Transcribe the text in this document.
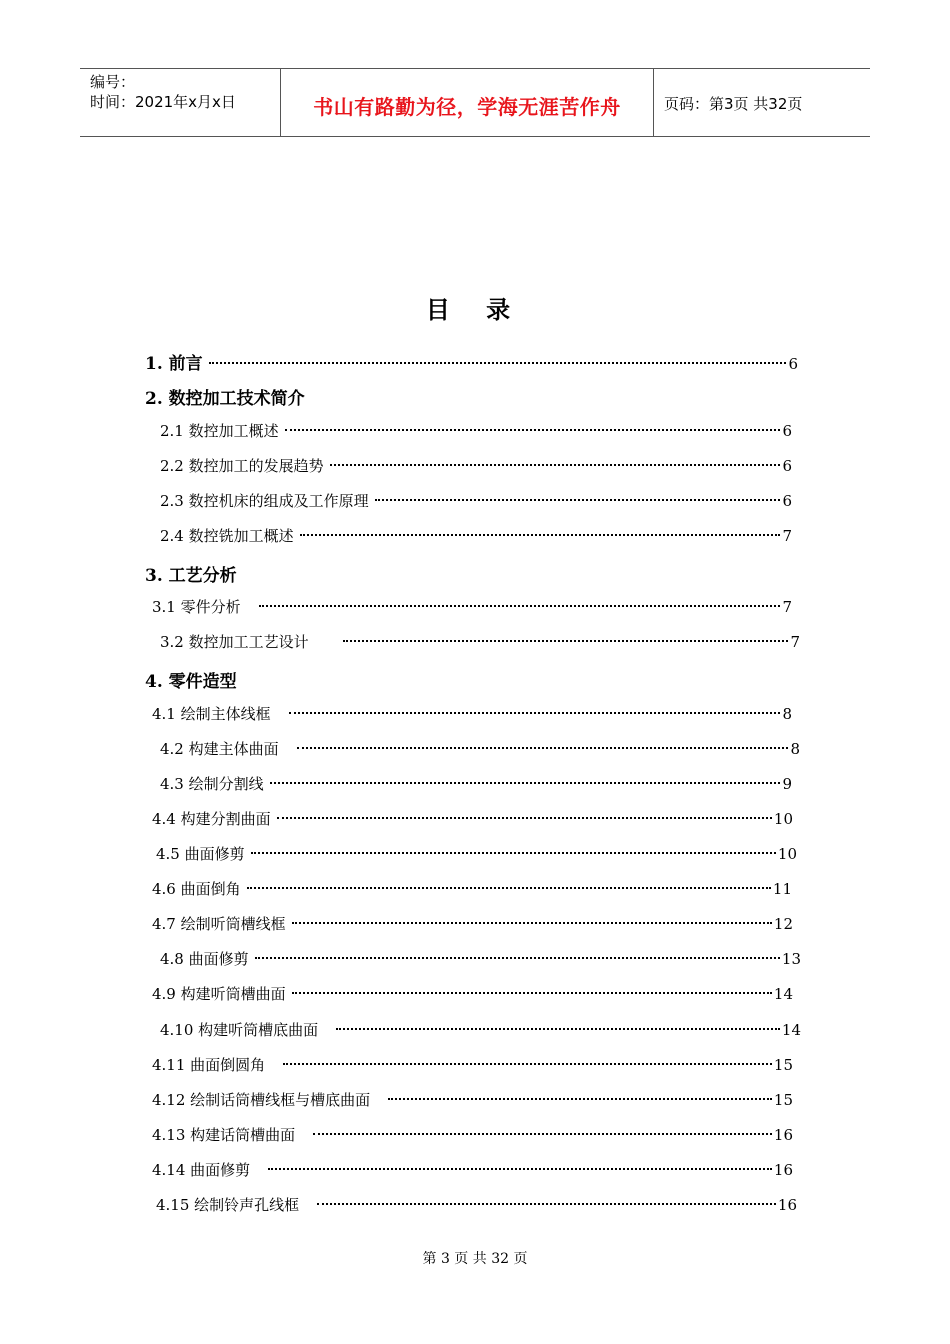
编号：
时间：2021年x月x日	书山有路勤为径，学海无涯苦作舟	页码：第3页 共32页
目 录
1. 前言	6
2. 数控加工技术简介
2.1 数控加工概述	6
2.2 数控加工的发展趋势	6
2.3 数控机床的组成及工作原理	6
2.4 数控铣加工概述	7
3. 工艺分析
3.1 零件分析	7
3.2 数控加工工艺设计	7
4. 零件造型
4.1 绘制主体线框	8
4.2 构建主体曲面	8
4.3 绘制分割线	9
4.4 构建分割曲面	10
4.5 曲面修剪	10
4.6 曲面倒角	11
4.7 绘制听筒槽线框	12
4.8 曲面修剪	13
4.9 构建听筒槽曲面	14
4.10 构建听筒槽底曲面	14
4.11 曲面倒圆角	15
4.12 绘制话筒槽线框与槽底曲面	15
4.13 构建话筒槽曲面	16
4.14 曲面修剪	16
4.15 绘制铃声孔线框	16
第 3 页 共 32 页
